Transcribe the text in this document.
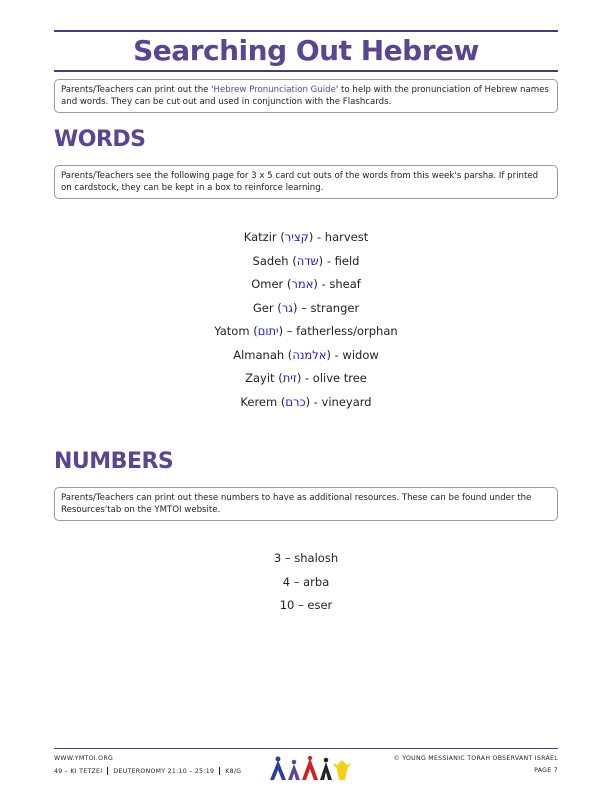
Searching Out Hebrew
Parents/Teachers can print out the 'Hebrew Pronunciation Guide' to help with the pronunciation of Hebrew names and words. They can be cut out and used in conjunction with the Flashcards.
WORDS
Parents/Teachers see the following page for 3 x 5 card cut outs of the words from this week's parsha. If printed on cardstock, they can be kept in a box to reinforce learning.
Katzir (קציר) - harvest
Sadeh (שדה) - field
Omer (אמר) - sheaf
Ger (גר) – stranger
Yatom (יתום) – fatherless/orphan
Almanah (אלמנה) - widow
Zayit (זית) - olive tree
Kerem (כרם) - vineyard
NUMBERS
Parents/Teachers can print out these numbers to have as additional resources. These can be found under the Resources'tab on the YMTOI website.
3 – shalosh
4 – arba
10 – eser
WWW.YMTOI.ORG
49 – KI TETZEI DEUTERONOMY 21:10 – 25:19 K8/G
© YOUNG MESSIANIC TORAH OBSERVANT ISRAEL
PAGE 7
